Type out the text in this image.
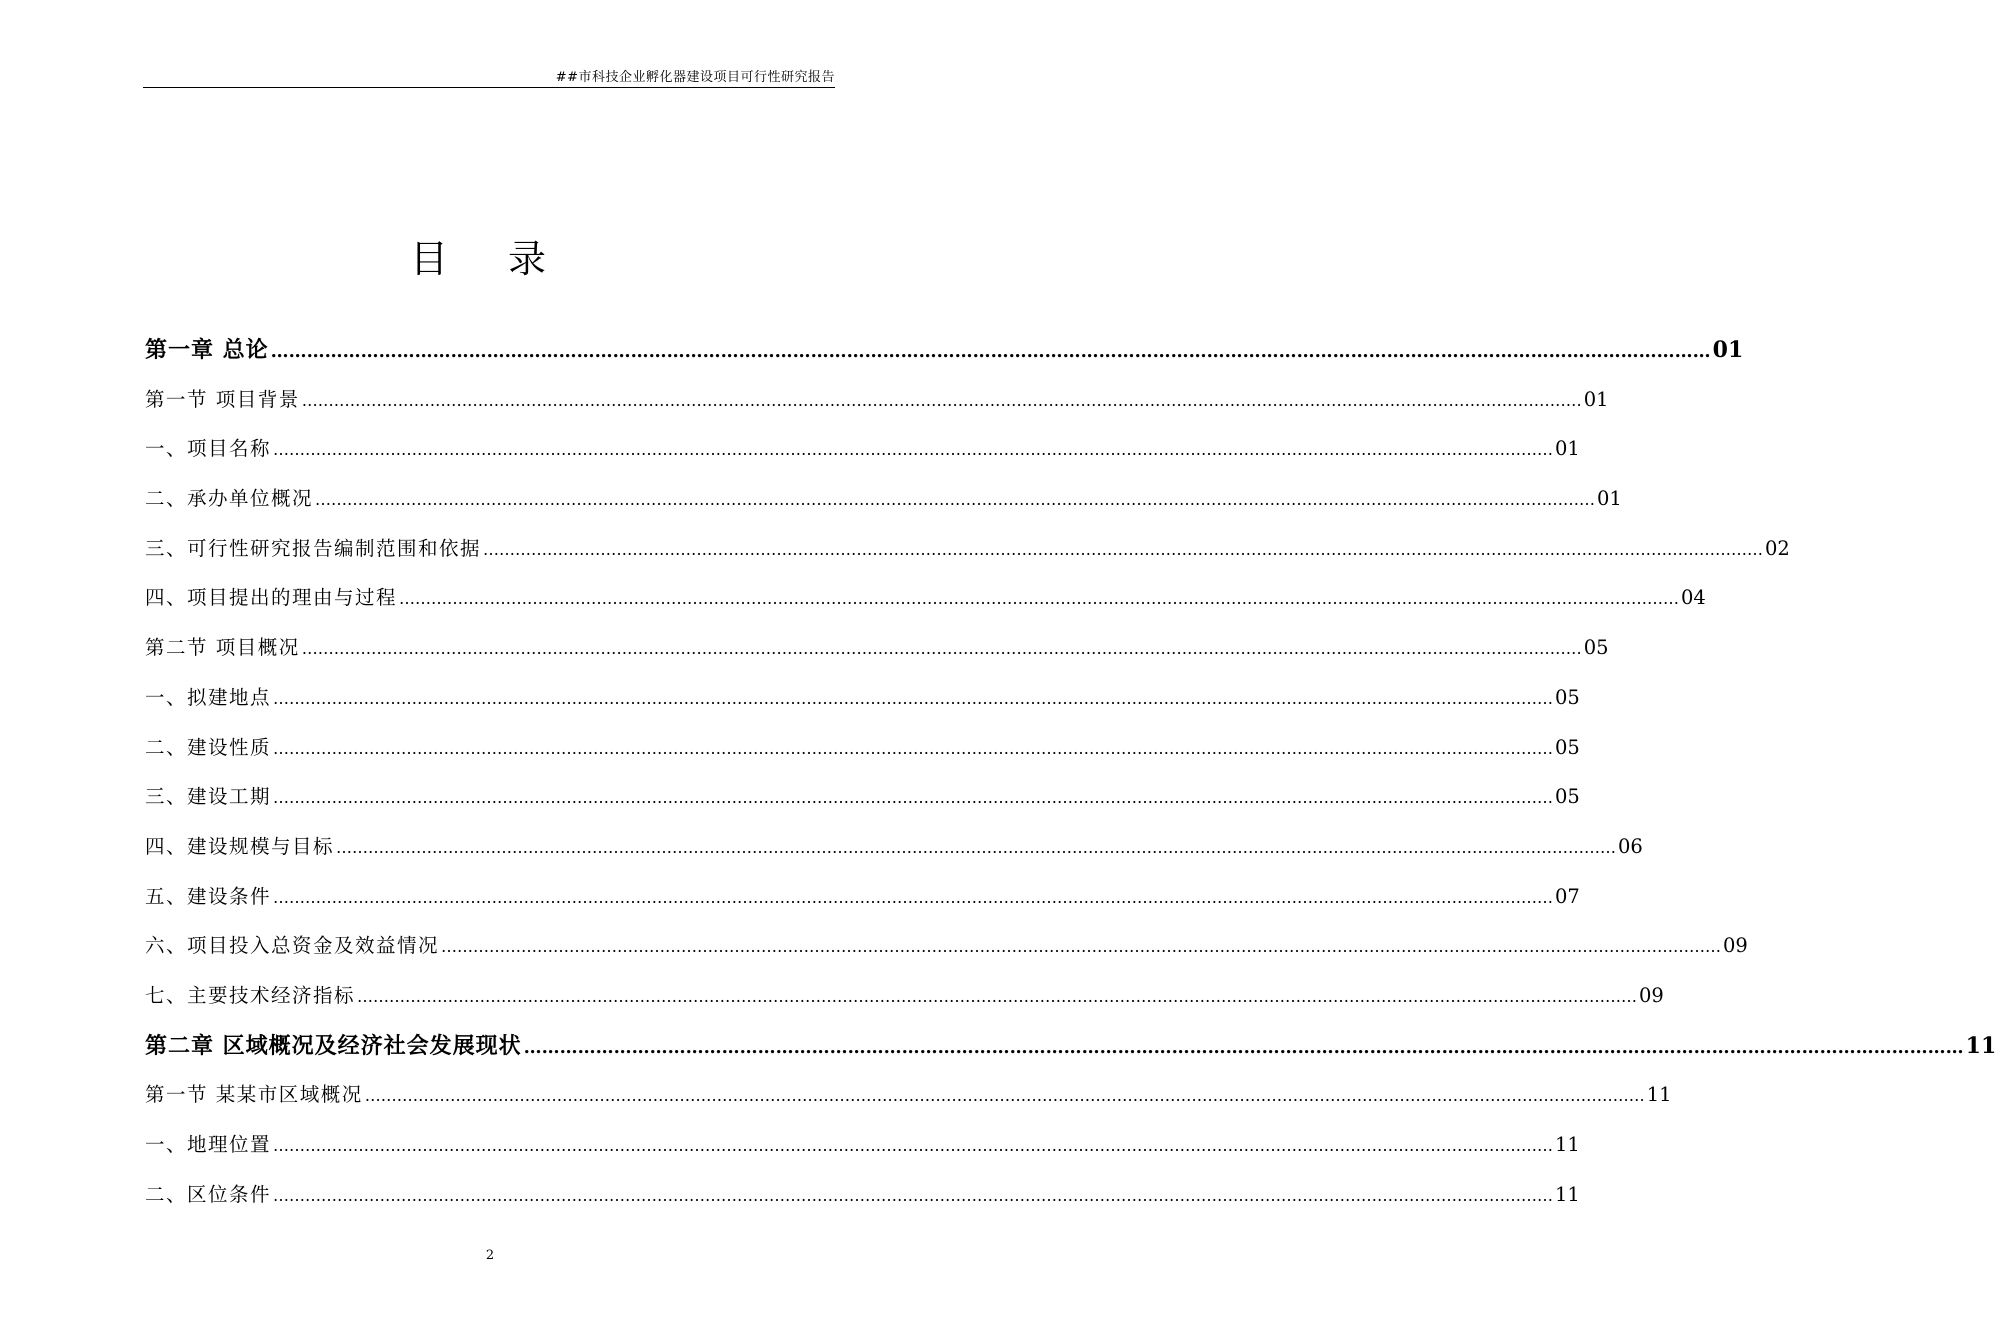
##市科技企业孵化器建设项目可行性研究报告
目 录
第一章 总论 …………………………………………………………………………………………………………………………………………………………………………………………………………………… 01
第一节 项目背景 …………………………………………………………………………………………………………………………………………………………………………………………………………………… 01
一、项目名称 …………………………………………………………………………………………………………………………………………………………………………………………………………………… 01
二、承办单位概况 …………………………………………………………………………………………………………………………………………………………………………………………………………………… 01
三、可行性研究报告编制范围和依据 …………………………………………………………………………………………………………………………………………………………………………………………………………………… 02
四、项目提出的理由与过程 …………………………………………………………………………………………………………………………………………………………………………………………………………………… 04
第二节 项目概况 …………………………………………………………………………………………………………………………………………………………………………………………………………………… 05
一、拟建地点 …………………………………………………………………………………………………………………………………………………………………………………………………………………… 05
二、建设性质 …………………………………………………………………………………………………………………………………………………………………………………………………………………… 05
三、建设工期 …………………………………………………………………………………………………………………………………………………………………………………………………………………… 05
四、建设规模与目标 …………………………………………………………………………………………………………………………………………………………………………………………………………………… 06
五、建设条件 …………………………………………………………………………………………………………………………………………………………………………………………………………………… 07
六、项目投入总资金及效益情况 …………………………………………………………………………………………………………………………………………………………………………………………………………………… 09
七、主要技术经济指标 …………………………………………………………………………………………………………………………………………………………………………………………………………………… 09
第二章 区域概况及经济社会发展现状 …………………………………………………………………………………………………………………………………………………………………………………………………………………… 11
第一节 某某市区域概况 …………………………………………………………………………………………………………………………………………………………………………………………………………………… 11
一、地理位置 …………………………………………………………………………………………………………………………………………………………………………………………………………………… 11
二、区位条件 …………………………………………………………………………………………………………………………………………………………………………………………………………………… 11
2
